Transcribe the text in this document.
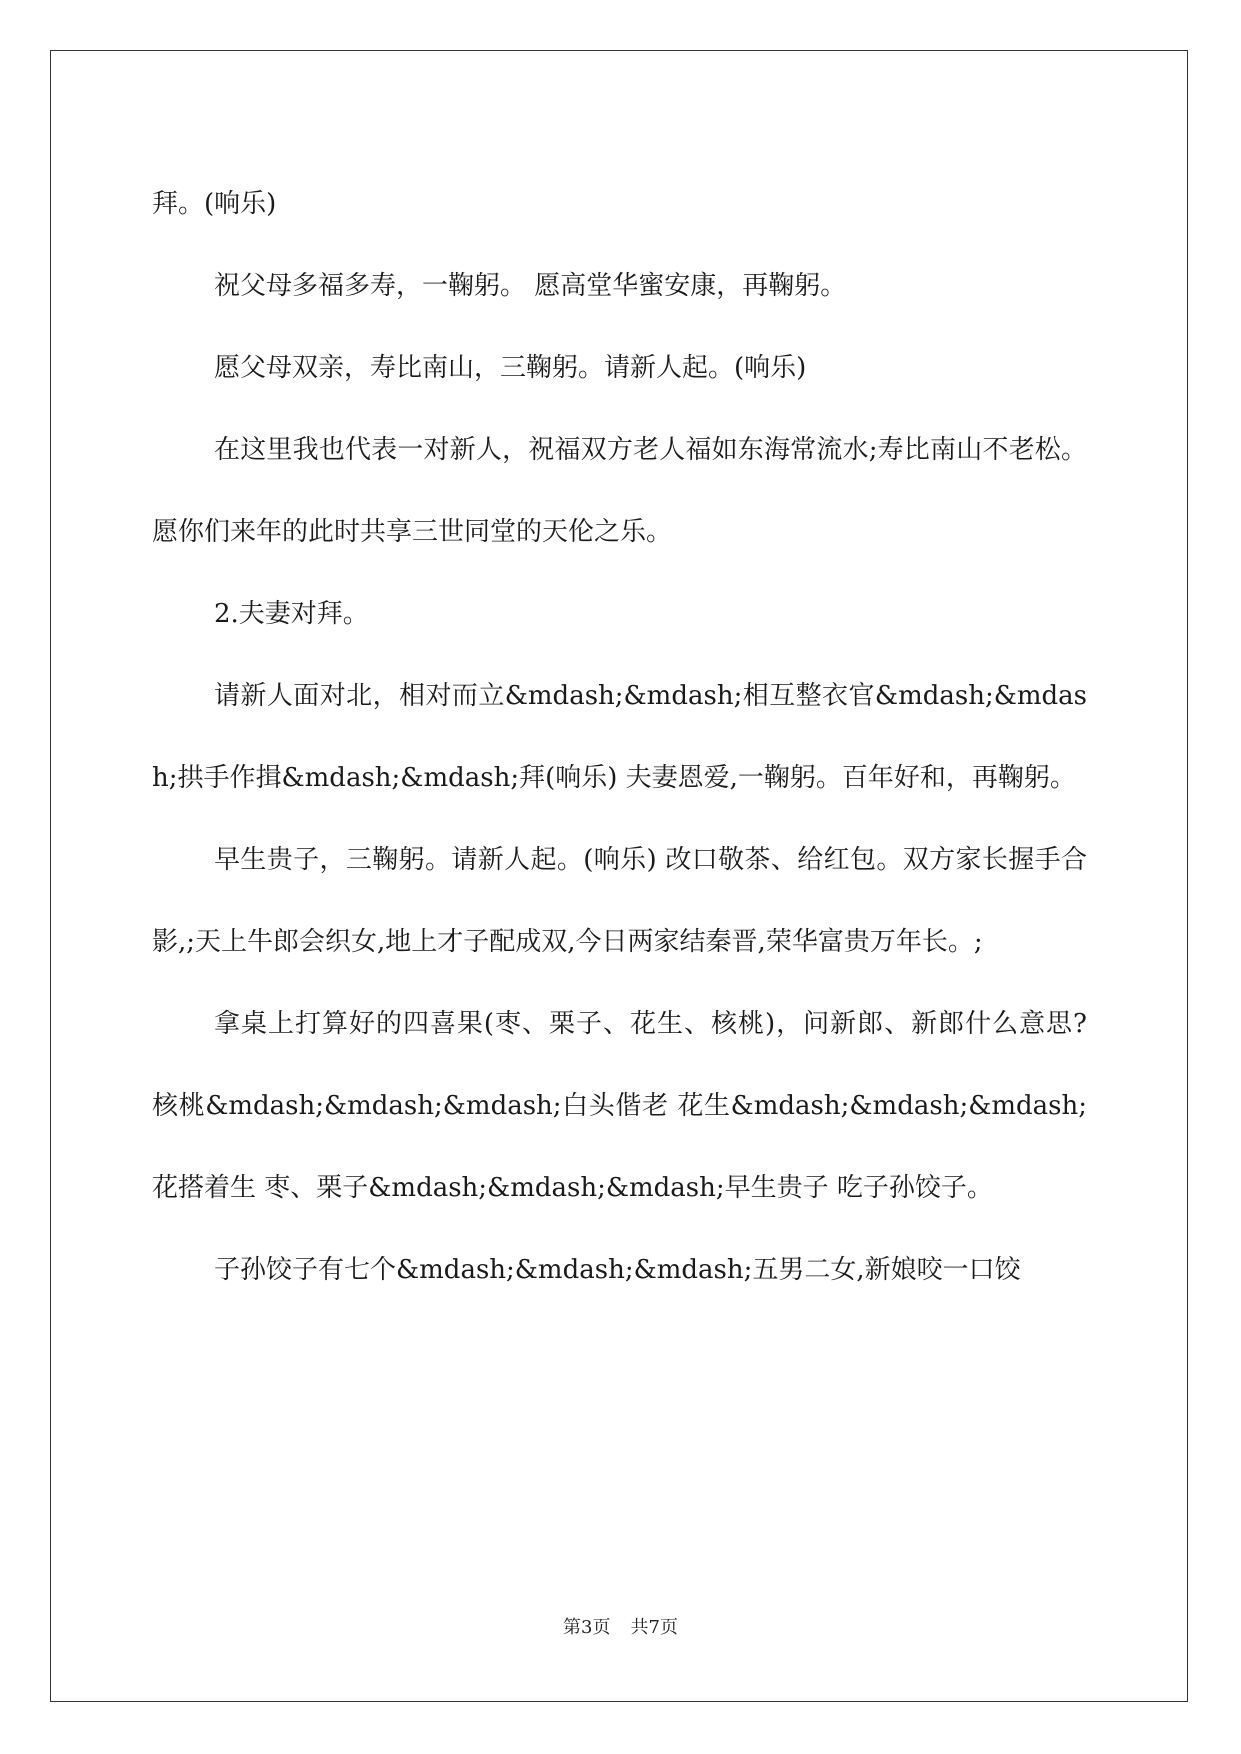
拜。(响乐)

祝父母多福多寿，一鞠躬。 愿高堂华蜜安康，再鞠躬。

愿父母双亲，寿比南山，三鞠躬。请新人起。(响乐)

在这里我也代表一对新人，祝福双方老人福如东海常流水;寿比南山不老松。愿你们来年的此时共享三世同堂的天伦之乐。

2.夫妻对拜。

请新人面对北，相对而立&mdash;&mdash;相互整衣官&mdash;&mdash;拱手作揖&mdash;&mdash;拜(响乐) 夫妻恩爱,一鞠躬。百年好和，再鞠躬。

早生贵子，三鞠躬。请新人起。(响乐) 改口敬茶、给红包。双方家长握手合影,;天上牛郎会织女,地上才子配成双,今日两家结秦晋,荣华富贵万年长。;

拿桌上打算好的四喜果(枣、栗子、花生、核桃)，问新郎、新郎什么意思? 核桃&mdash;&mdash;&mdash;白头偕老 花生&mdash;&mdash;&mdash;花搭着生 枣、栗子&mdash;&mdash;&mdash;早生贵子 吃子孙饺子。

子孙饺子有七个&mdash;&mdash;&mdash;五男二女,新娘咬一口饺

第3页 共7页
